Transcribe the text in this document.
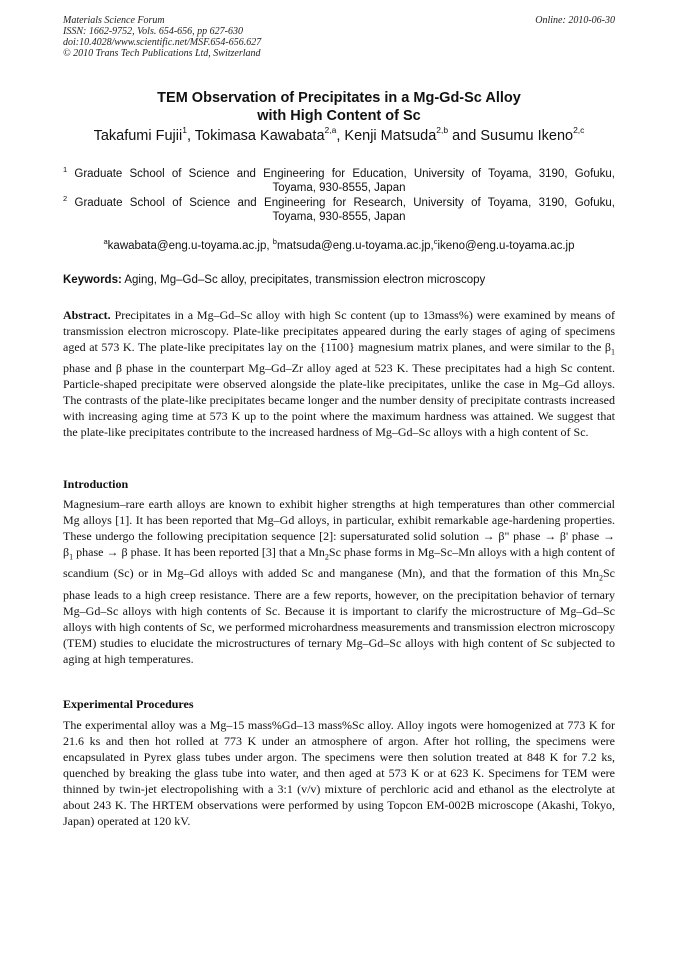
Materials Science Forum
ISSN: 1662-9752, Vols. 654-656, pp 627-630
doi:10.4028/www.scientific.net/MSF.654-656.627
© 2010 Trans Tech Publications Ltd, Switzerland
Online: 2010-06-30
TEM Observation of Precipitates in a Mg-Gd-Sc Alloy
with High Content of Sc
Takafumi Fujii$^1$, Tokimasa Kawabata$^{2,a}$, Kenji Matsuda$^{2,b}$ and Susumu Ikeno$^{2,c}$
$^1$ Graduate School of Science and Engineering for Education, University of Toyama, 3190, Gofuku,
Toyama, 930-8555, Japan
$^2$ Graduate School of Science and Engineering for Research, University of Toyama, 3190, Gofuku,
Toyama, 930-8555, Japan
$^a$kawabata@eng.u-toyama.ac.jp, $^b$matsuda@eng.u-toyama.ac.jp,$^c$ikeno@eng.u-toyama.ac.jp
Keywords: Aging, Mg–Gd–Sc alloy, precipitates, transmission electron microscopy
Abstract. Precipitates in a Mg–Gd–Sc alloy with high Sc content (up to 13mass%) were examined by means of transmission electron microscopy. Plate-like precipitates appeared during the early stages of aging of specimens aged at 573 K. The plate-like precipitates lay on the {1100} magnesium matrix planes, and were similar to the $\beta_1$ phase and β phase in the counterpart Mg–Gd–Zr alloy aged at 523 K. These precipitates had a high Sc content. Particle-shaped precipitate were observed alongside the plate-like precipitates, unlike the case in Mg–Gd alloys. The contrasts of the plate-like precipitates became longer and the number density of precipitate contrasts increased with increasing aging time at 573 K up to the point where the maximum hardness was attained. We suggest that the plate-like precipitates contribute to the increased hardness of Mg–Gd–Sc alloys with a high content of Sc.
Introduction
Magnesium–rare earth alloys are known to exhibit higher strengths at high temperatures than other commercial Mg alloys [1]. It has been reported that Mg–Gd alloys, in particular, exhibit remarkable age-hardening properties. These undergo the following precipitation sequence [2]: supersaturated solid solution → β" phase → β' phase → $\beta_1$ phase → β phase. It has been reported [3] that a $Mn_2Sc$ phase forms in Mg–Sc–Mn alloys with a high content of scandium (Sc) or in Mg–Gd alloys with added Sc and manganese (Mn), and that the formation of this $Mn_2Sc$ phase leads to a high creep resistance. There are a few reports, however, on the precipitation behavior of ternary Mg–Gd–Sc alloys with high contents of Sc. Because it is important to clarify the microstructure of Mg–Gd–Sc alloys with high contents of Sc, we performed microhardness measurements and transmission electron microscopy (TEM) studies to elucidate the microstructures of ternary Mg–Gd–Sc alloys with high content of Sc subjected to aging at high temperatures.
Experimental Procedures
The experimental alloy was a Mg–15 mass%Gd–13 mass%Sc alloy. Alloy ingots were homogenized at 773 K for 21.6 ks and then hot rolled at 773 K under an atmosphere of argon. After hot rolling, the specimens were encapsulated in Pyrex glass tubes under argon. The specimens were then solution treated at 848 K for 7.2 ks, quenched by breaking the glass tube into water, and then aged at 573 K or at 623 K. Specimens for TEM were thinned by twin-jet electropolishing with a 3:1 (v/v) mixture of perchloric acid and ethanol as the electrolyte at about 243 K. The HRTEM observations were performed by using Topcon EM-002B microscope (Akashi, Tokyo, Japan) operated at 120 kV.
